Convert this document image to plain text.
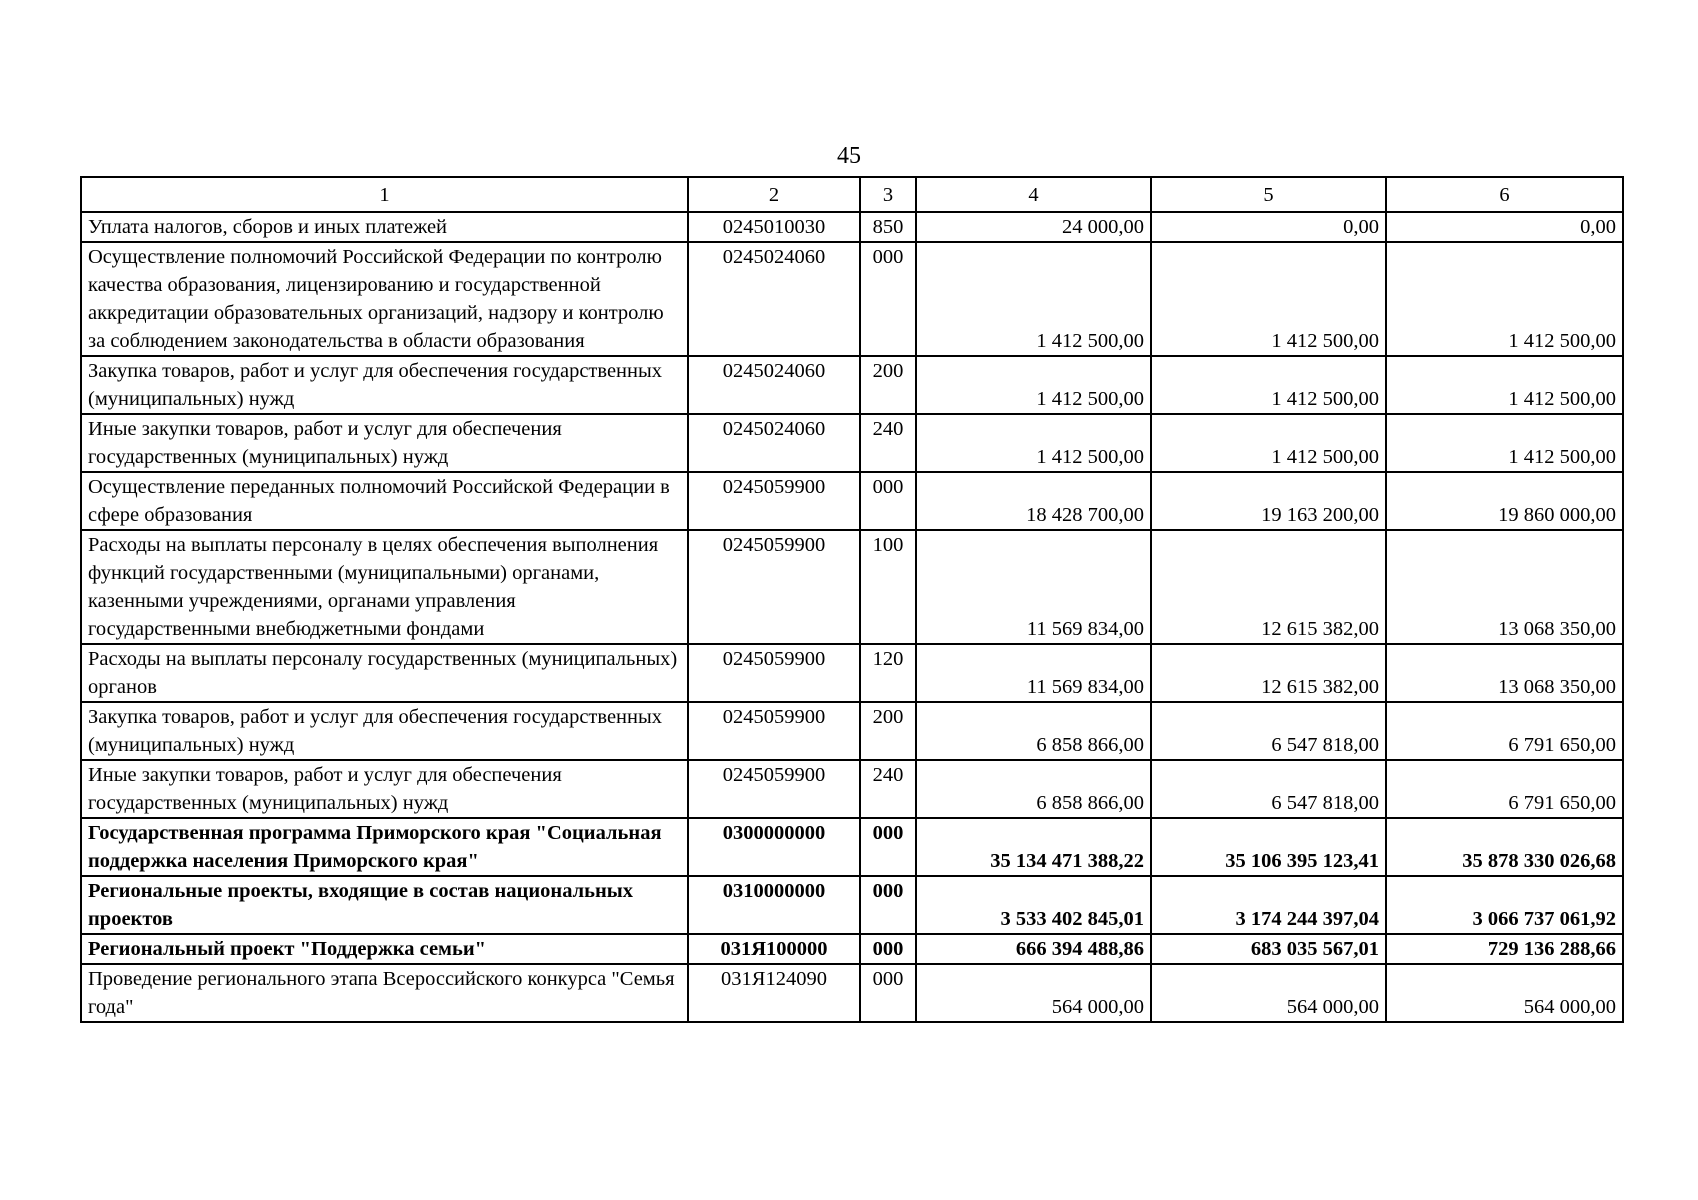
45
1	2	3	4	5	6
Уплата налогов, сборов и иных платежей	0245010030	850	24 000,00	0,00	0,00
Осуществление полномочий Российской Федерации по контролю качества образования, лицензированию и государственной аккредитации образовательных организаций, надзору и контролю за соблюдением законодательства в области образования	0245024060	000	1 412 500,00	1 412 500,00	1 412 500,00
Закупка товаров, работ и услуг для обеспечения государственных (муниципальных) нужд	0245024060	200	1 412 500,00	1 412 500,00	1 412 500,00
Иные закупки товаров, работ и услуг для обеспечения государственных (муниципальных) нужд	0245024060	240	1 412 500,00	1 412 500,00	1 412 500,00
Осуществление переданных полномочий Российской Федерации в сфере образования	0245059900	000	18 428 700,00	19 163 200,00	19 860 000,00
Расходы на выплаты персоналу в целях обеспечения выполнения функций государственными (муниципальными) органами, казенными учреждениями, органами управления государственными внебюджетными фондами	0245059900	100	11 569 834,00	12 615 382,00	13 068 350,00
Расходы на выплаты персоналу государственных (муниципальных) органов	0245059900	120	11 569 834,00	12 615 382,00	13 068 350,00
Закупка товаров, работ и услуг для обеспечения государственных (муниципальных) нужд	0245059900	200	6 858 866,00	6 547 818,00	6 791 650,00
Иные закупки товаров, работ и услуг для обеспечения государственных (муниципальных) нужд	0245059900	240	6 858 866,00	6 547 818,00	6 791 650,00
Государственная программа Приморского края "Социальная поддержка населения Приморского края"	0300000000	000	35 134 471 388,22	35 106 395 123,41	35 878 330 026,68
Региональные проекты, входящие в состав национальных проектов	0310000000	000	3 533 402 845,01	3 174 244 397,04	3 066 737 061,92
Региональный проект "Поддержка семьи"	031Я100000	000	666 394 488,86	683 035 567,01	729 136 288,66
Проведение регионального этапа Всероссийского конкурса "Семья года"	031Я124090	000	564 000,00	564 000,00	564 000,00
